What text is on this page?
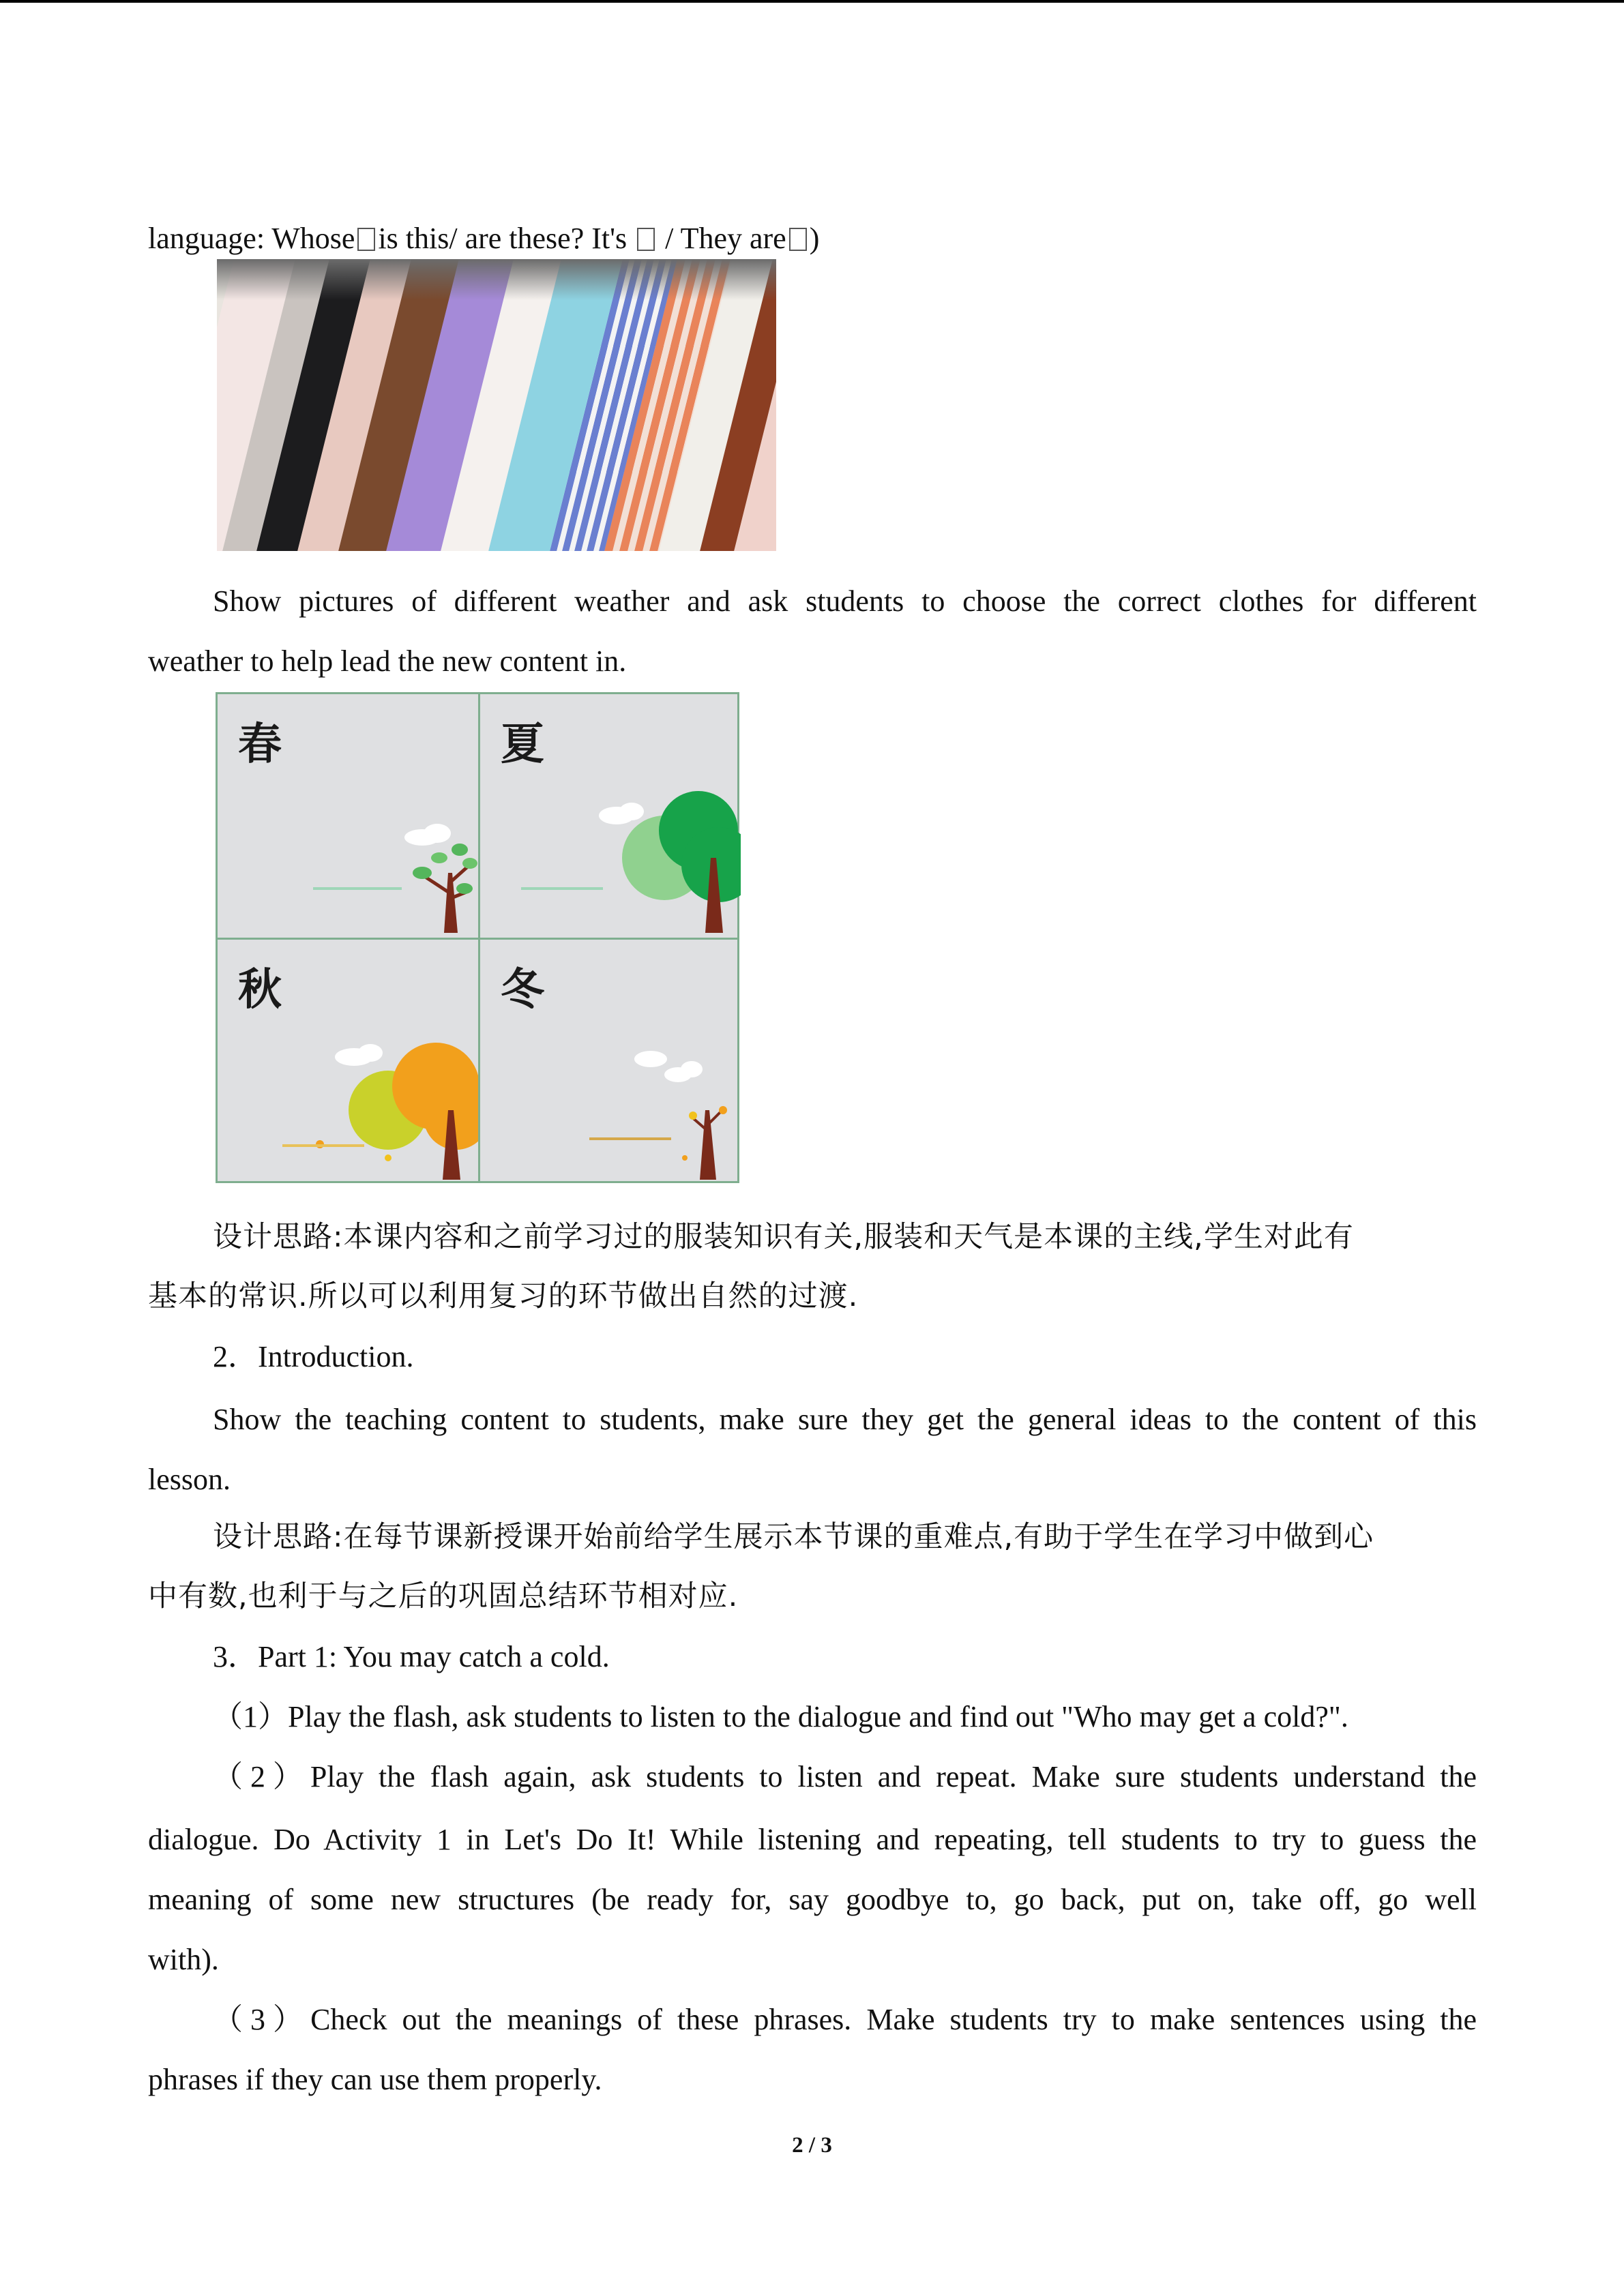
language: Whose is this/ are these? It's / They are )
Show pictures of different weather and ask students to choose the correct clothes for different
weather to help lead the new content in.
春	夏
秋	冬
设计思路:本课内容和之前学习过的服装知识有关,服装和天气是本课的主线,学生对此有
基本的常识.所以可以利用复习的环节做出自然的过渡.
2．Introduction.
Show the teaching content to students, make sure they get the general ideas to the content of this
lesson.
设计思路:在每节课新授课开始前给学生展示本节课的重难点,有助于学生在学习中做到心
中有数,也利于与之后的巩固总结环节相对应.
3．Part 1: You may catch a cold.
（1）Play the flash, ask students to listen to the dialogue and find out "Who may get a cold?".
（2）Play the flash again, ask students to listen and repeat. Make sure students understand the
dialogue. Do Activity 1 in Let's Do It! While listening and repeating, tell students to try to guess the
meaning of some new structures (be ready for, say goodbye to, go back, put on, take off, go well
with).
（3）Check out the meanings of these phrases. Make students try to make sentences using the
phrases if they can use them properly.
2 / 3
